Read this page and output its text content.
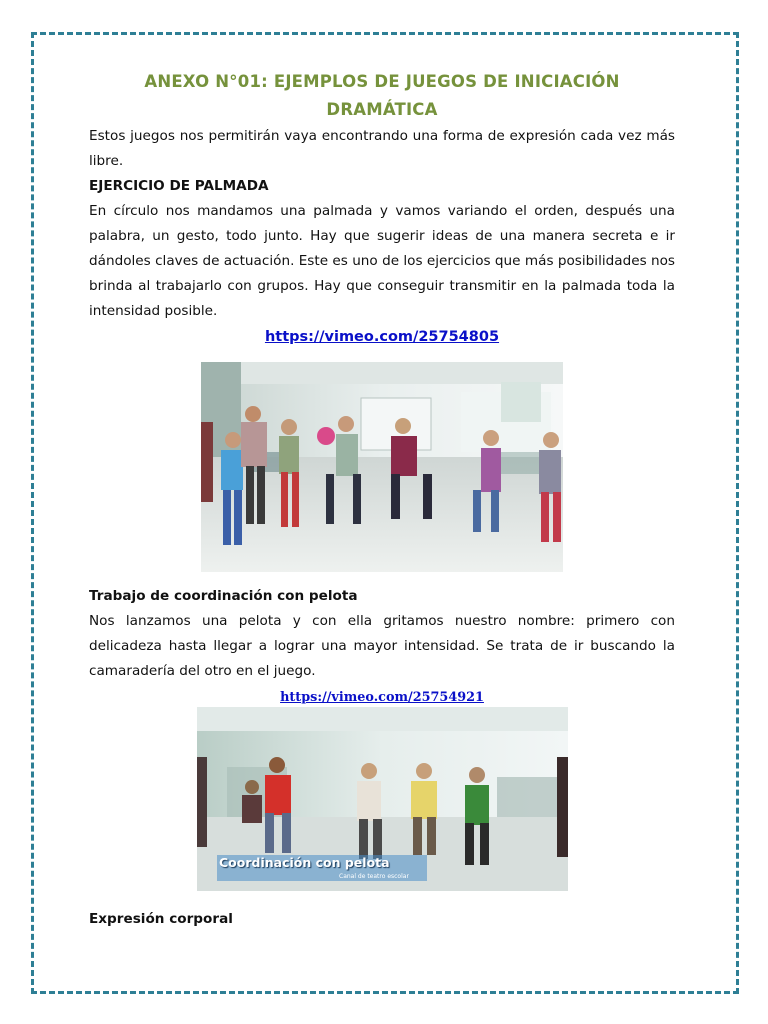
ANEXO N°01: EJEMPLOS DE JUEGOS DE INICIACIÓN DRAMÁTICA

Estos juegos nos permitirán vaya encontrando una forma de expresión cada vez más libre.

EJERCICIO DE PALMADA

En círculo nos mandamos una palmada y vamos variando el orden, después una palabra, un gesto, todo junto. Hay que sugerir ideas de una manera secreta e ir dándoles claves de actuación. Este es uno de los ejercicios que más posibilidades nos brinda al trabajarlo con grupos. Hay que conseguir transmitir en la palmada toda la intensidad posible.

https://vimeo.com/25754805

Trabajo de coordinación con pelota

Nos lanzamos una pelota y con ella gritamos nuestro nombre: primero con delicadeza hasta llegar a lograr una mayor intensidad. Se trata de ir buscando la camaradería del otro en el juego.

https://vimeo.com/25754921

Expresión corporal

Coordinación con pelota
Canal de teatro escolar
